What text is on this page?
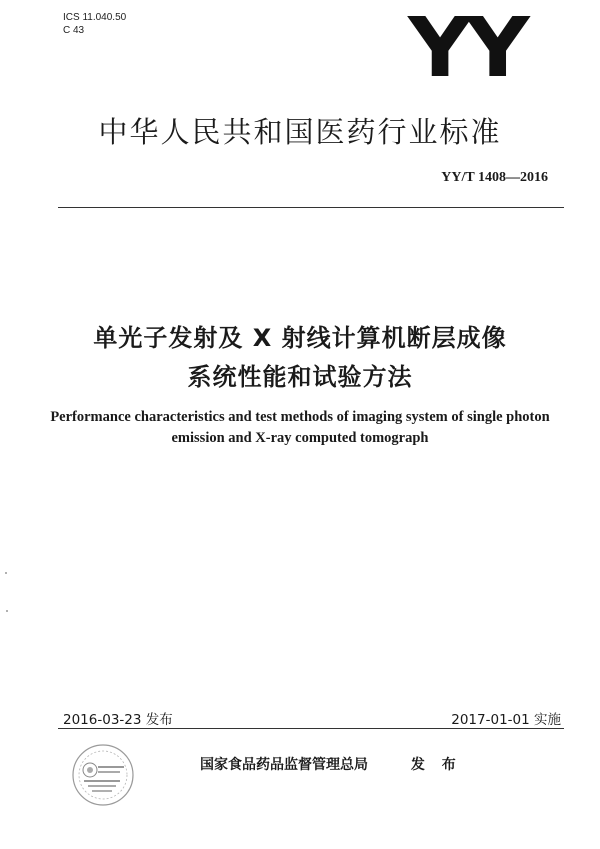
ICS 11.040.50
C 43	YY
中华人民共和国医药行业标准
YY/T 1408—2016
单光子发射及 X 射线计算机断层成像
系统性能和试验方法
Performance characteristics and test methods of imaging system of single photon
emission and X-ray computed tomograph
2016-03-23 发布	2017-01-01 实施
国家食品药品监督管理总局	发 布
